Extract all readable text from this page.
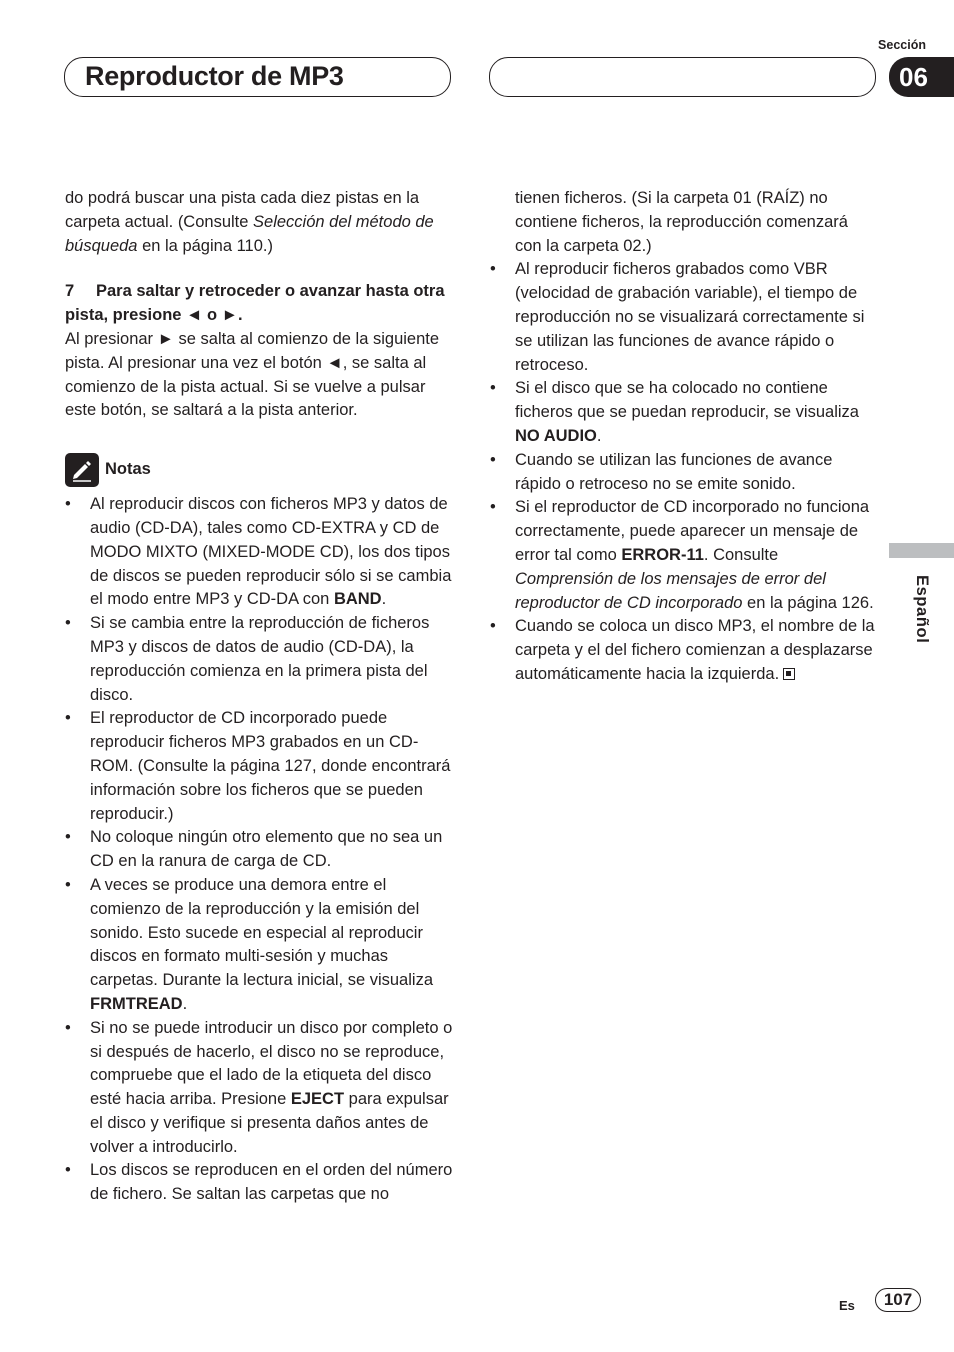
Reproductor de MP3
Sección
06

do podrá buscar una pista cada diez pistas en la carpeta actual. (Consulte Selección del método de búsqueda en la página 110.)

7 Para saltar y retroceder o avanzar hasta otra pista, presione ◄ o ►.

Al presionar ► se salta al comienzo de la siguiente pista. Al presionar una vez el botón ◄, se salta al comienzo de la pista actual. Si se vuelve a pulsar este botón, se saltará a la pista anterior.

Notas
• Al reproducir discos con ficheros MP3 y datos de audio (CD-DA), tales como CD-EXTRA y CD de MODO MIXTO (MIXED-MODE CD), los dos tipos de discos se pueden reproducir sólo si se cambia el modo entre MP3 y CD-DA con BAND.
• Si se cambia entre la reproducción de ficheros MP3 y discos de datos de audio (CD-DA), la reproducción comienza en la primera pista del disco.
• El reproductor de CD incorporado puede reproducir ficheros MP3 grabados en un CD-ROM. (Consulte la página 127, donde encontrará información sobre los ficheros que se pueden reproducir.)
• No coloque ningún otro elemento que no sea un CD en la ranura de carga de CD.
• A veces se produce una demora entre el comienzo de la reproducción y la emisión del sonido. Esto sucede en especial al reproducir discos en formato multi-sesión y muchas carpetas. Durante la lectura inicial, se visualiza FRMTREAD.
• Si no se puede introducir un disco por completo o si después de hacerlo, el disco no se reproduce, compruebe que el lado de la etiqueta del disco esté hacia arriba. Presione EJECT para expulsar el disco y verifique si presenta daños antes de volver a introducirlo.
• Los discos se reproducen en el orden del número de fichero. Se saltan las carpetas que no

tienen ficheros. (Si la carpeta 01 (RAÍZ) no contiene ficheros, la reproducción comenzará con la carpeta 02.)

• Al reproducir ficheros grabados como VBR (velocidad de grabación variable), el tiempo de reproducción no se visualizará correctamente si se utilizan las funciones de avance rápido o retroceso.
• Si el disco que se ha colocado no contiene ficheros que se puedan reproducir, se visualiza NO AUDIO.
• Cuando se utilizan las funciones de avance rápido o retroceso no se emite sonido.
• Si el reproductor de CD incorporado no funciona correctamente, puede aparecer un mensaje de error tal como ERROR-11. Consulte Comprensión de los mensajes de error del reproductor de CD incorporado en la página 126.
• Cuando se coloca un disco MP3, el nombre de la carpeta y el del fichero comienzan a desplazarse automáticamente hacia la izquierda.
Español
Es	107
